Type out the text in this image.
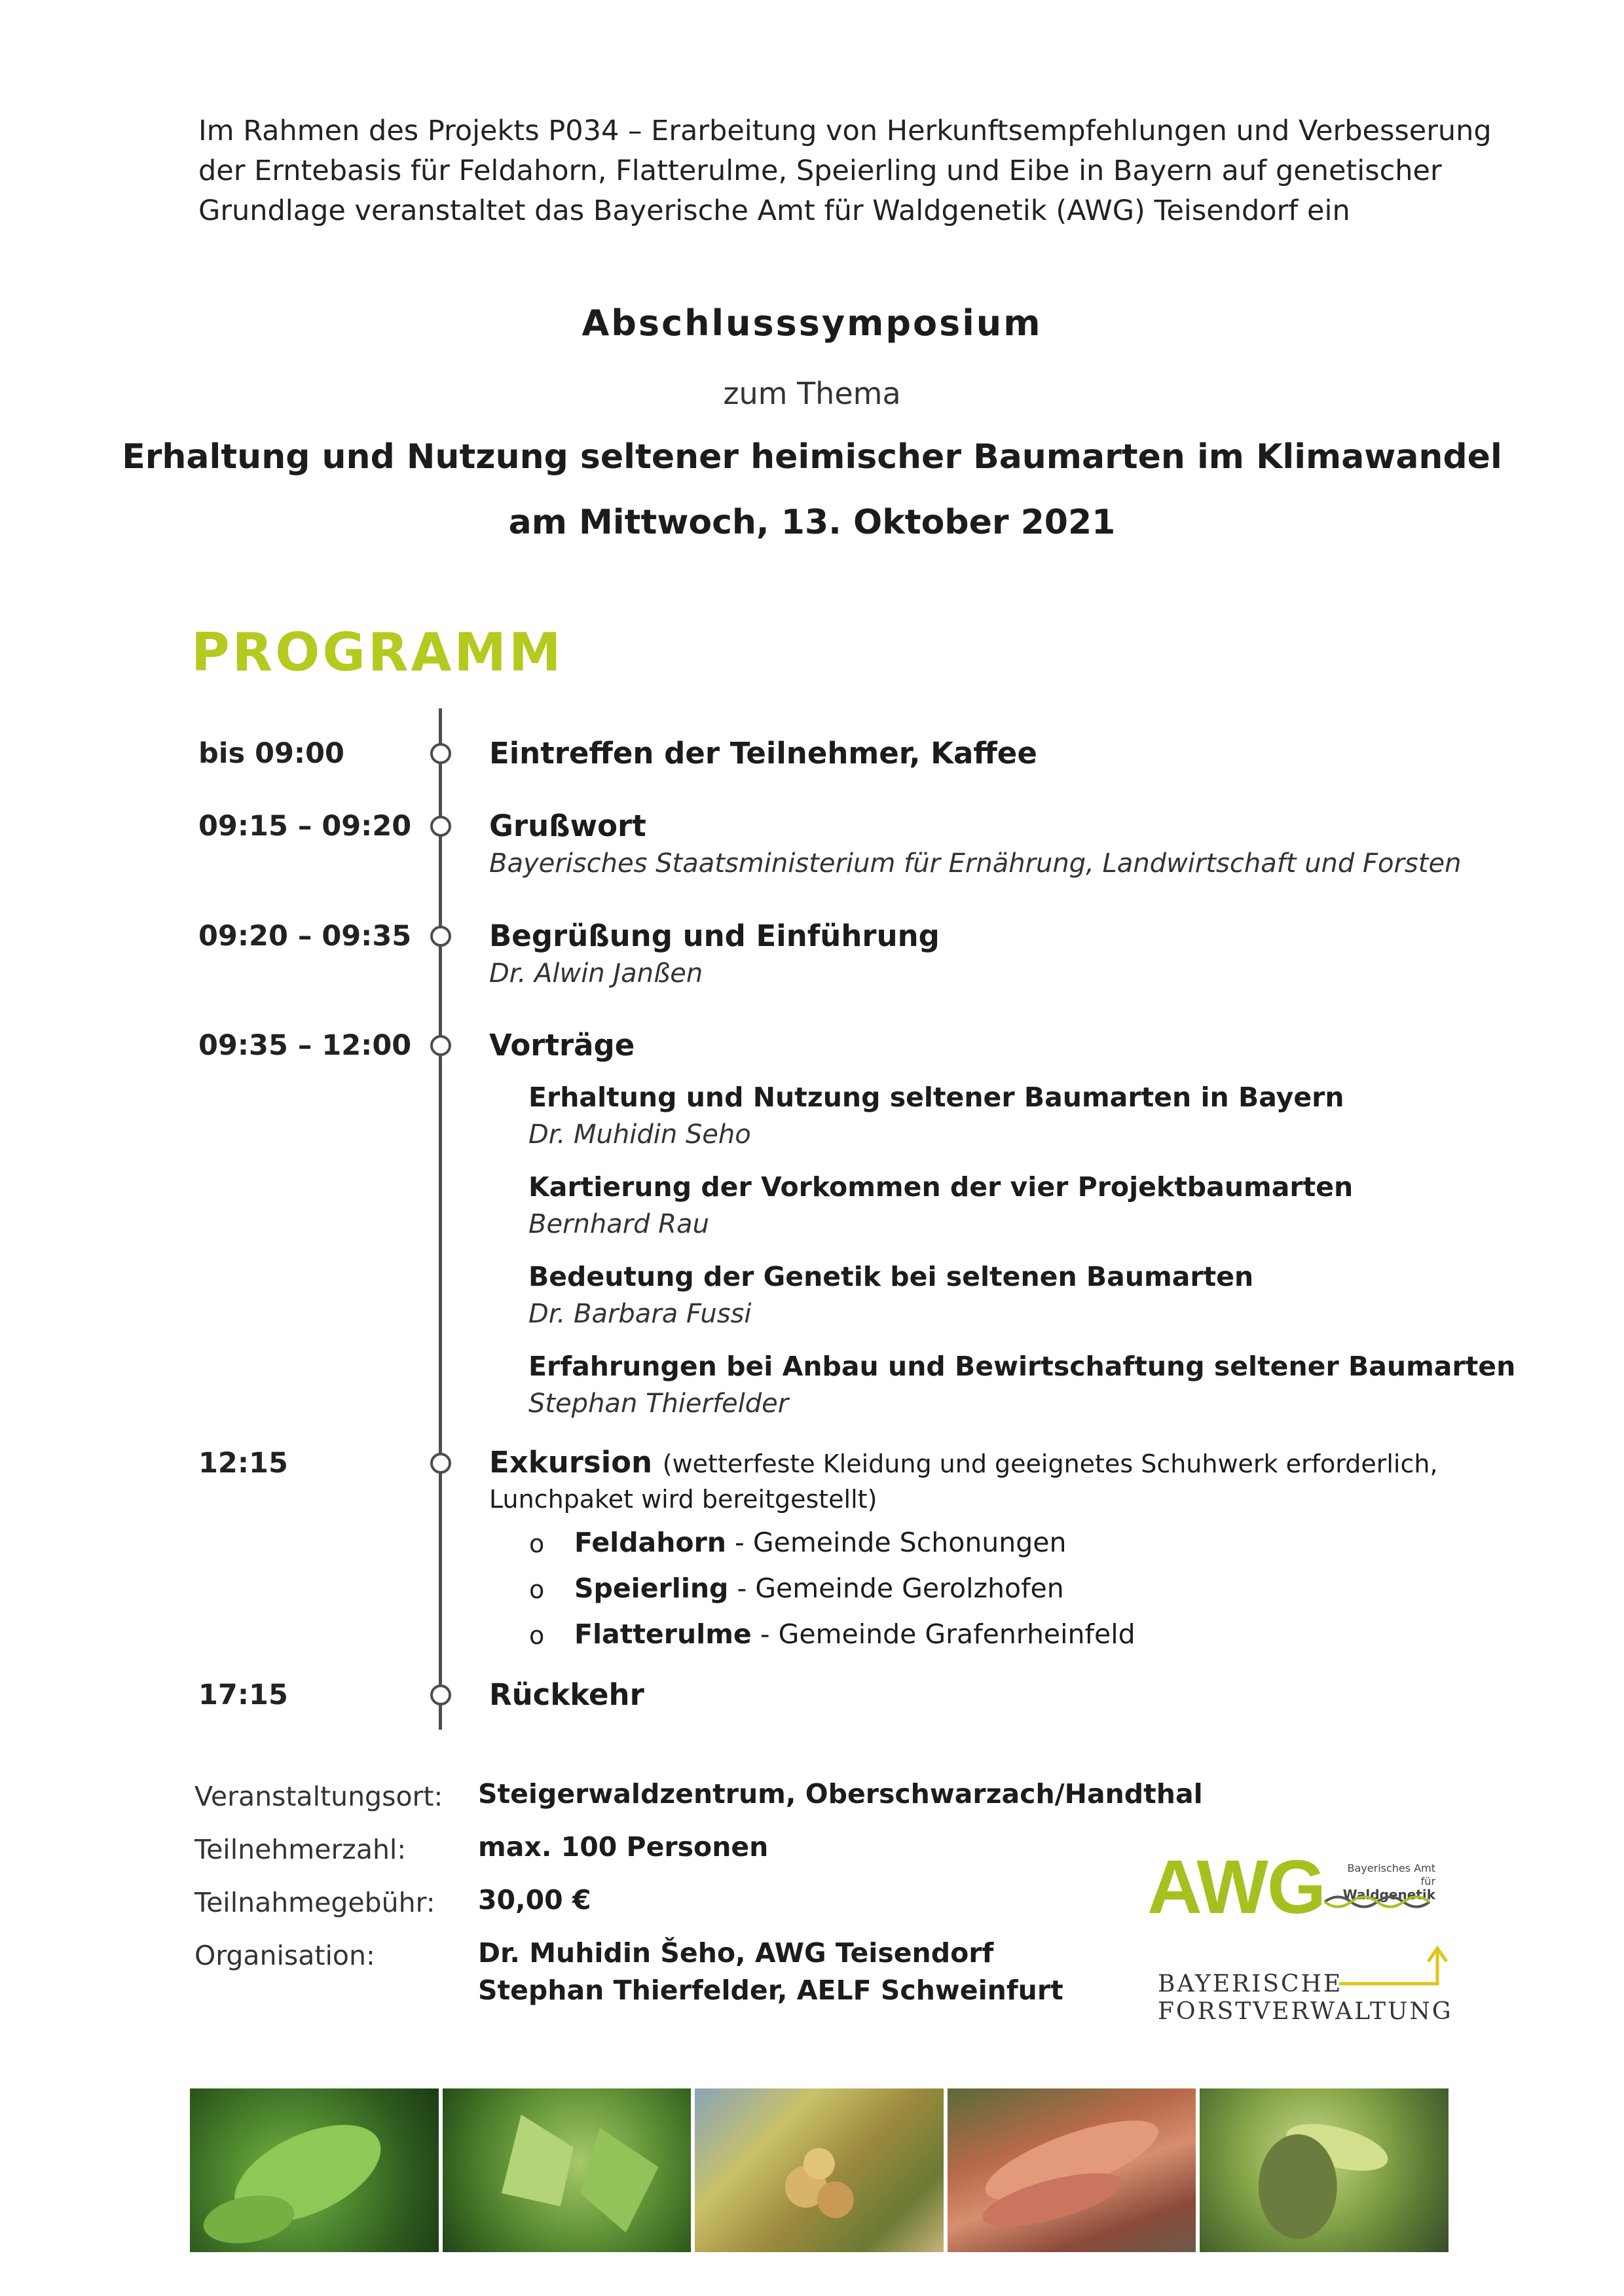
Im Rahmen des Projekts P034 – Erarbeitung von Herkunftsempfehlungen und Verbesserung
der Erntebasis für Feldahorn, Flatterulme, Speierling und Eibe in Bayern auf genetischer
Grundlage veranstaltet das Bayerische Amt für Waldgenetik (AWG) Teisendorf ein
Abschlusssymposium
zum Thema
Erhaltung und Nutzung seltener heimischer Baumarten im Klimawandel
am Mittwoch, 13. Oktober 2021
PROGRAMM
bis 09:00	Eintreffen der Teilnehmer, Kaffee
09:15 – 09:20	Grußwort
Bayerisches Staatsministerium für Ernährung, Landwirtschaft und Forsten
09:20 – 09:35	Begrüßung und Einführung
Dr. Alwin Janßen
09:35 – 12:00	Vorträge
Erhaltung und Nutzung seltener Baumarten in Bayern
Dr. Muhidin Seho
Kartierung der Vorkommen der vier Projektbaumarten
Bernhard Rau
Bedeutung der Genetik bei seltenen Baumarten
Dr. Barbara Fussi
Erfahrungen bei Anbau und Bewirtschaftung seltener Baumarten
Stephan Thierfelder
12:15	Exkursion (wetterfeste Kleidung und geeignetes Schuhwerk erforderlich,
Lunchpaket wird bereitgestellt)
o Feldahorn - Gemeinde Schonungen
o Speierling - Gemeinde Gerolzhofen
o Flatterulme - Gemeinde Grafenrheinfeld
17:15	Rückkehr
Veranstaltungsort: Steigerwaldzentrum, Oberschwarzach/Handthal
Teilnehmerzahl:	max. 100 Personen
Teilnahmegebühr: 30,00 €
Organisation:	Dr. Muhidin Šeho, AWG Teisendorf
Stephan Thierfelder, AELF Schweinfurt
AWG	Bayerisches Amt für
Waldgenetik
BAYERISCHE
FORSTVERWALTUNG
